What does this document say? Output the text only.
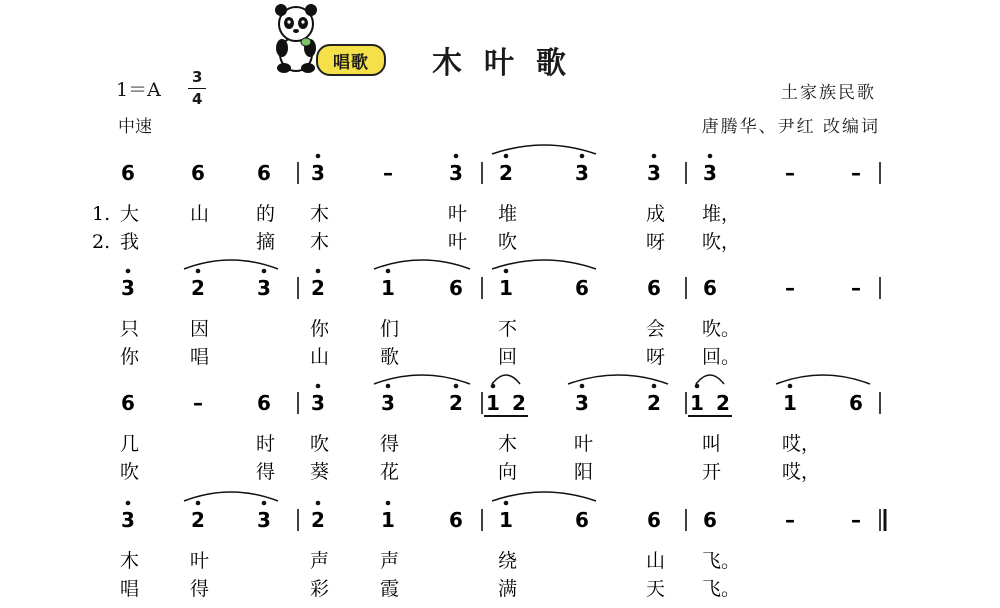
唱歌	木叶歌
1＝A
3
4
中速
土家族民歌
唐腾华、尹红 改编词
6	6	6 3	–	3 2	3	3 3	–	–
大	山 的 木	叶 堆	成 堆，
我	摘 木	叶 吹	呀 吹，
1.
2.
3	2	3 2	1	6 1	6	6 6	–	–
只	因	你	们	不	会 吹。
你	唱	山	歌	回	呀 回。
6	–	6 3	3	2 1 2 3	2 1 2	1	6
几	时 吹	得	木	叶	叫	哎，
吹	得 葵	花	向	阳	开	哎，
3	2	3 2	1	6 1	6	6 6	–	–
木	叶	声	声	绕	山 飞。
唱	得	彩	霞	满	天 飞。
